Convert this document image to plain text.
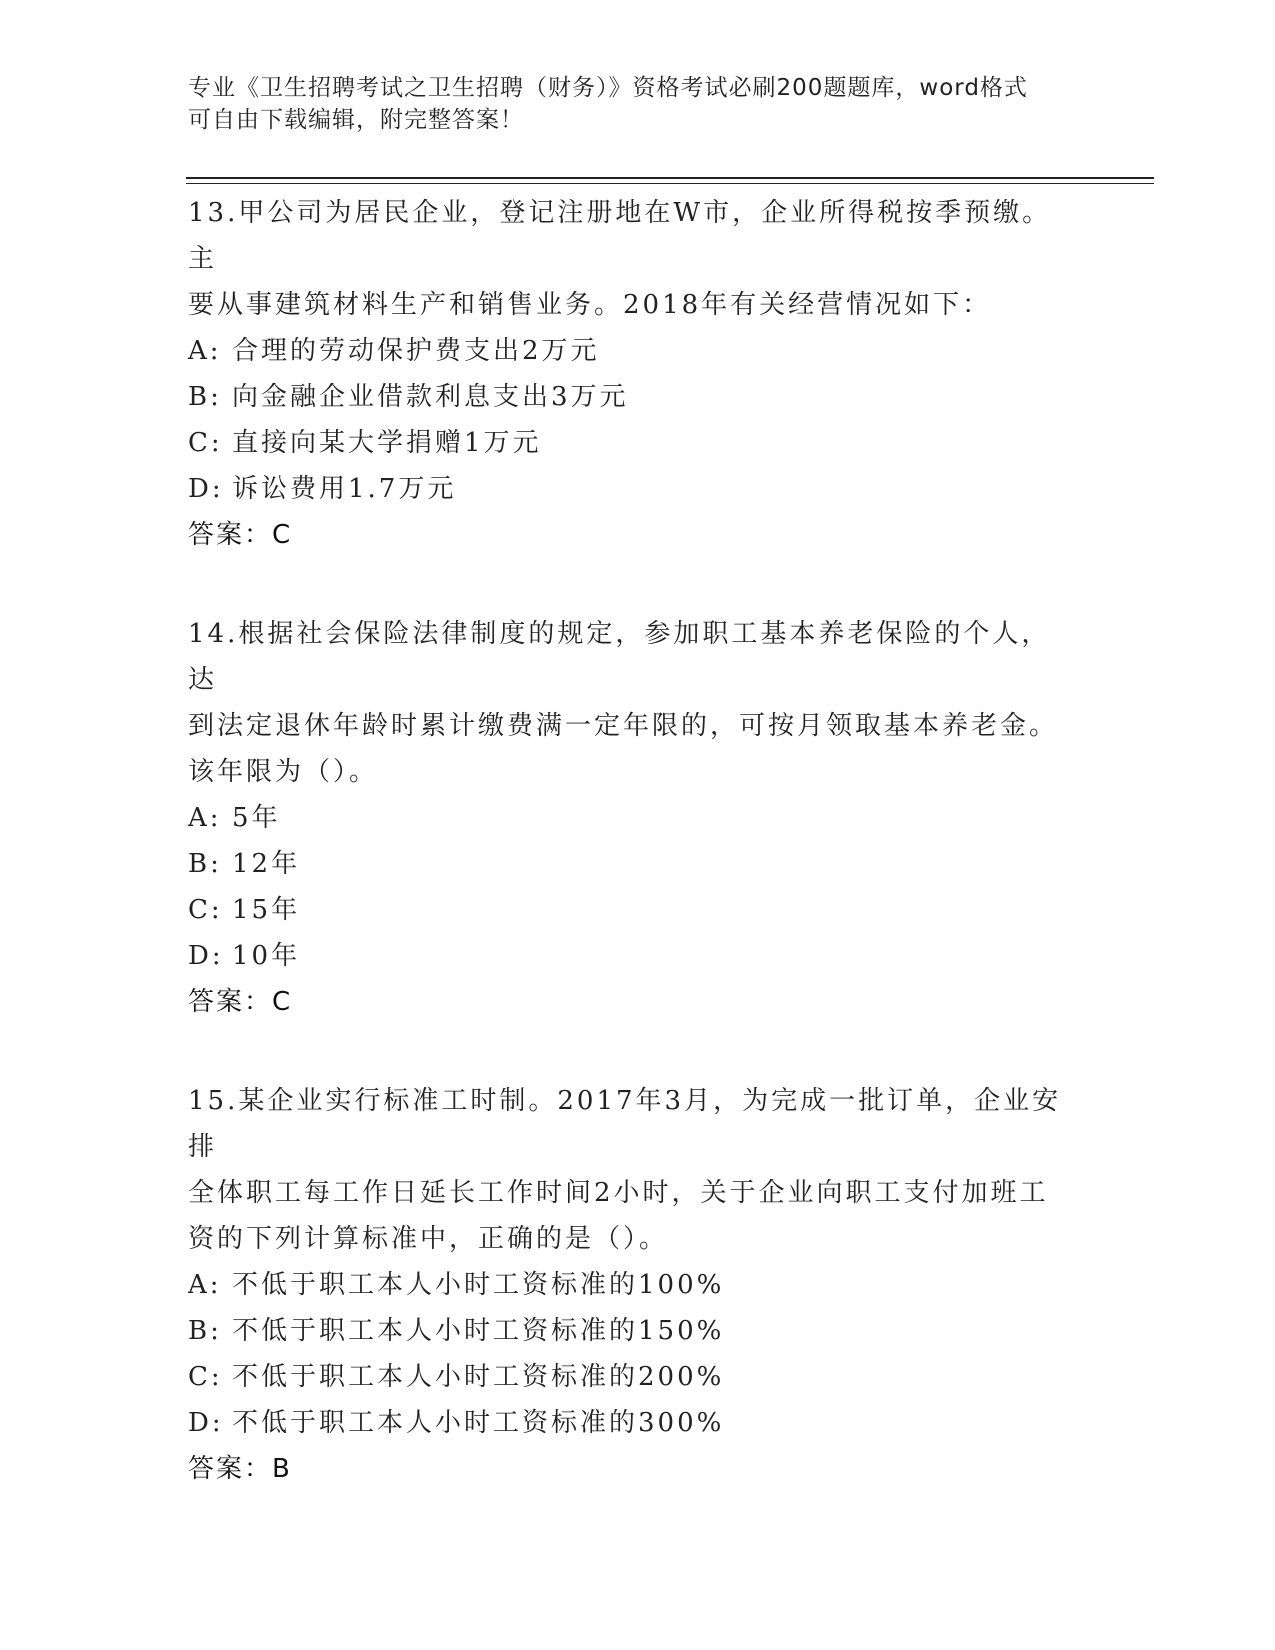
专业《卫生招聘考试之卫生招聘（财务）》资格考试必刷200题题库，word格式
可自由下载编辑，附完整答案！
13.甲公司为居民企业，登记注册地在W市，企业所得税按季预缴。主
要从事建筑材料生产和销售业务。2018年有关经营情况如下：
A: 合理的劳动保护费支出2万元
B: 向金融企业借款利息支出3万元
C: 直接向某大学捐赠1万元
D: 诉讼费用1.7万元
答案：C
14.根据社会保险法律制度的规定，参加职工基本养老保险的个人，达
到法定退休年龄时累计缴费满一定年限的，可按月领取基本养老金。
该年限为（）。
A: 5年
B: 12年
C: 15年
D: 10年
答案：C
15.某企业实行标准工时制。2017年3月，为完成一批订单，企业安排
全体职工每工作日延长工作时间2小时，关于企业向职工支付加班工
资的下列计算标准中，正确的是（）。
A: 不低于职工本人小时工资标准的100%
B: 不低于职工本人小时工资标准的150%
C: 不低于职工本人小时工资标准的200%
D: 不低于职工本人小时工资标准的300%
答案：B
